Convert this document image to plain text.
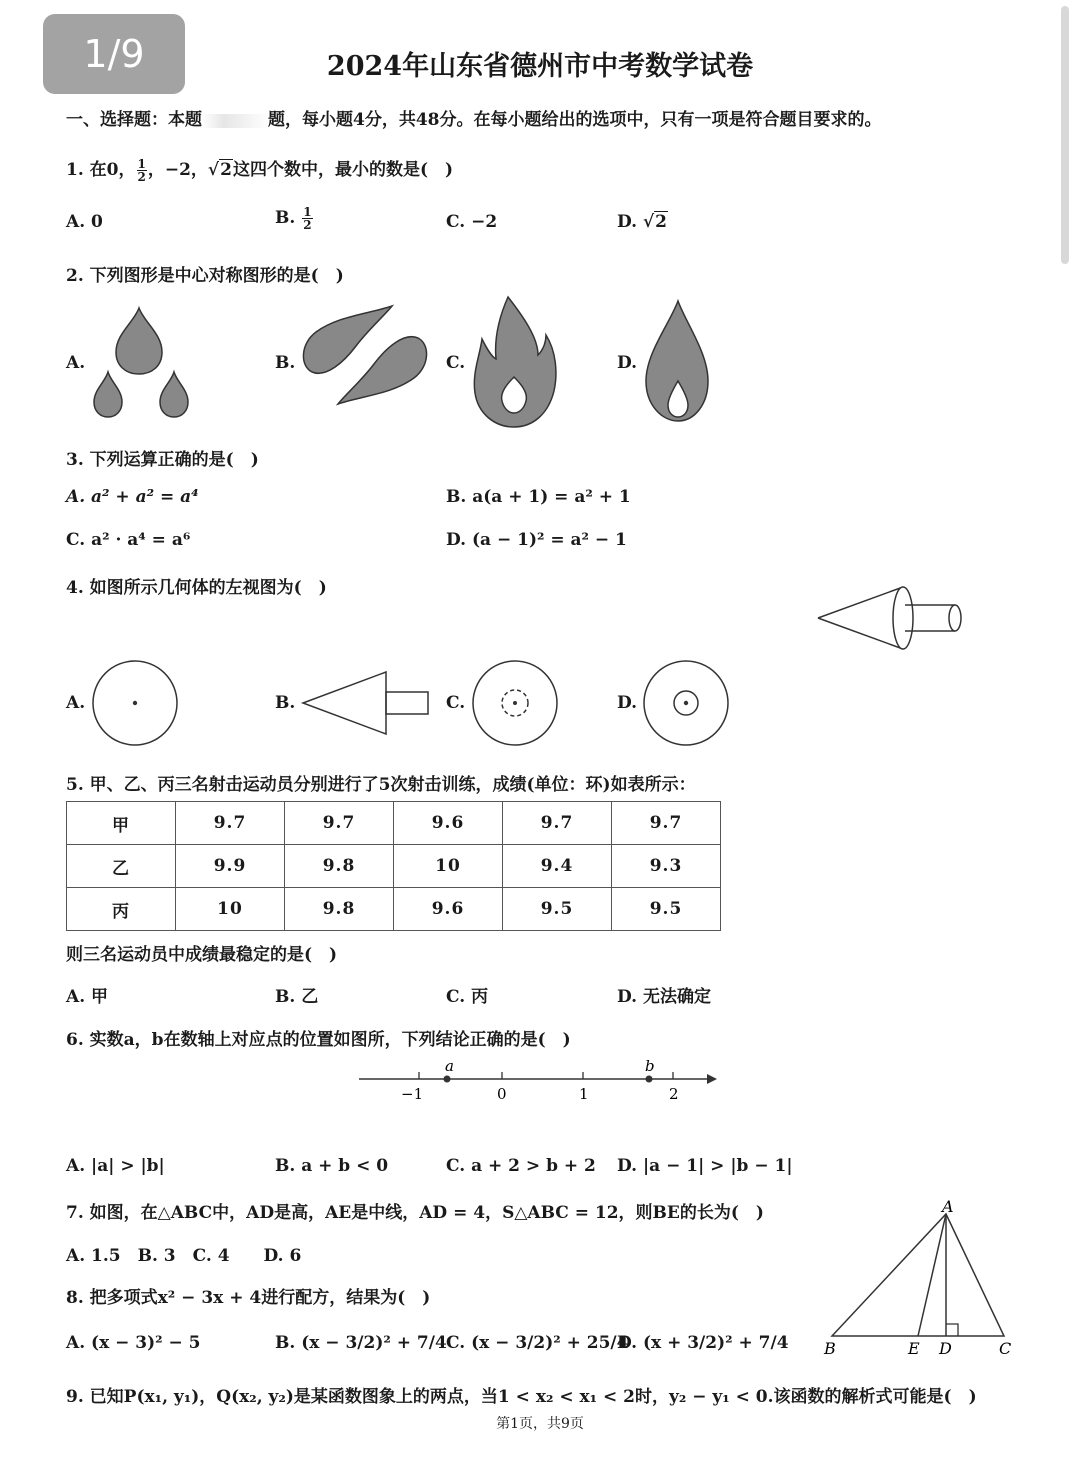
1/9	2024年山东省德州市中考数学试卷
一、选择题：本题	题，每小题4分，共48分。在每小题给出的选项中，只有一项是符合题目要求的。
1. 在0， $\frac{1}{2}$ ，−2，√2这四个数中，最小的数是(　)
A. 0	B. $\frac{1}{2}$	C. −2	D. √2
2. 下列图形是中心对称图形的是(　)
A.	B.	C.	D.
3. 下列运算正确的是(　)
A. a² + a² = a⁴	B. a(a + 1) = a² + 1
C. a² · a⁴ = a⁶	D. (a − 1)² = a² − 1
4. 如图所示几何体的左视图为(　)
A.	B.	C.	D.
5. 甲、乙、丙三名射击运动员分别进行了5次射击训练，成绩(单位：环)如表所示：
甲	9.7	9.7	9.6	9.7	9.7
乙	9.9	9.8	10	9.4	9.3
丙	10	9.8	9.6	9.5	9.5
则三名运动员中成绩最稳定的是(　)
A. 甲	B. 乙	C. 丙	D. 无法确定
6. 实数a，b在数轴上对应点的位置如图所，下列结论正确的是(　)
a	b
−1	0	1	2
A. |a| > |b|	B. a + b < 0	C. a + 2 > b + 2 D. |a − 1| > |b − 1|
7. 如图，在△ABC中，AD是高，AE是中线，AD = 4，S△ABC = 12，则BE的长为(　)
A. 1.5　B. 3　C. 4　　D. 6
A
B	E D	C
8. 把多项式x² − 3x + 4进行配方，结果为(　)
A. (x − 3)² − 5	B. (x − 3/2)² + 7/4 C. (x − 3/2)² + 25/4
D. (x + 3/2)² + 7/4
9. 已知P(x₁, y₁)，Q(x₂, y₂)是某函数图象上的两点，当1 < x₂ < x₁ < 2时，y₂ − y₁ < 0.该函数的解析式可能是(　)
第1页，共9页
